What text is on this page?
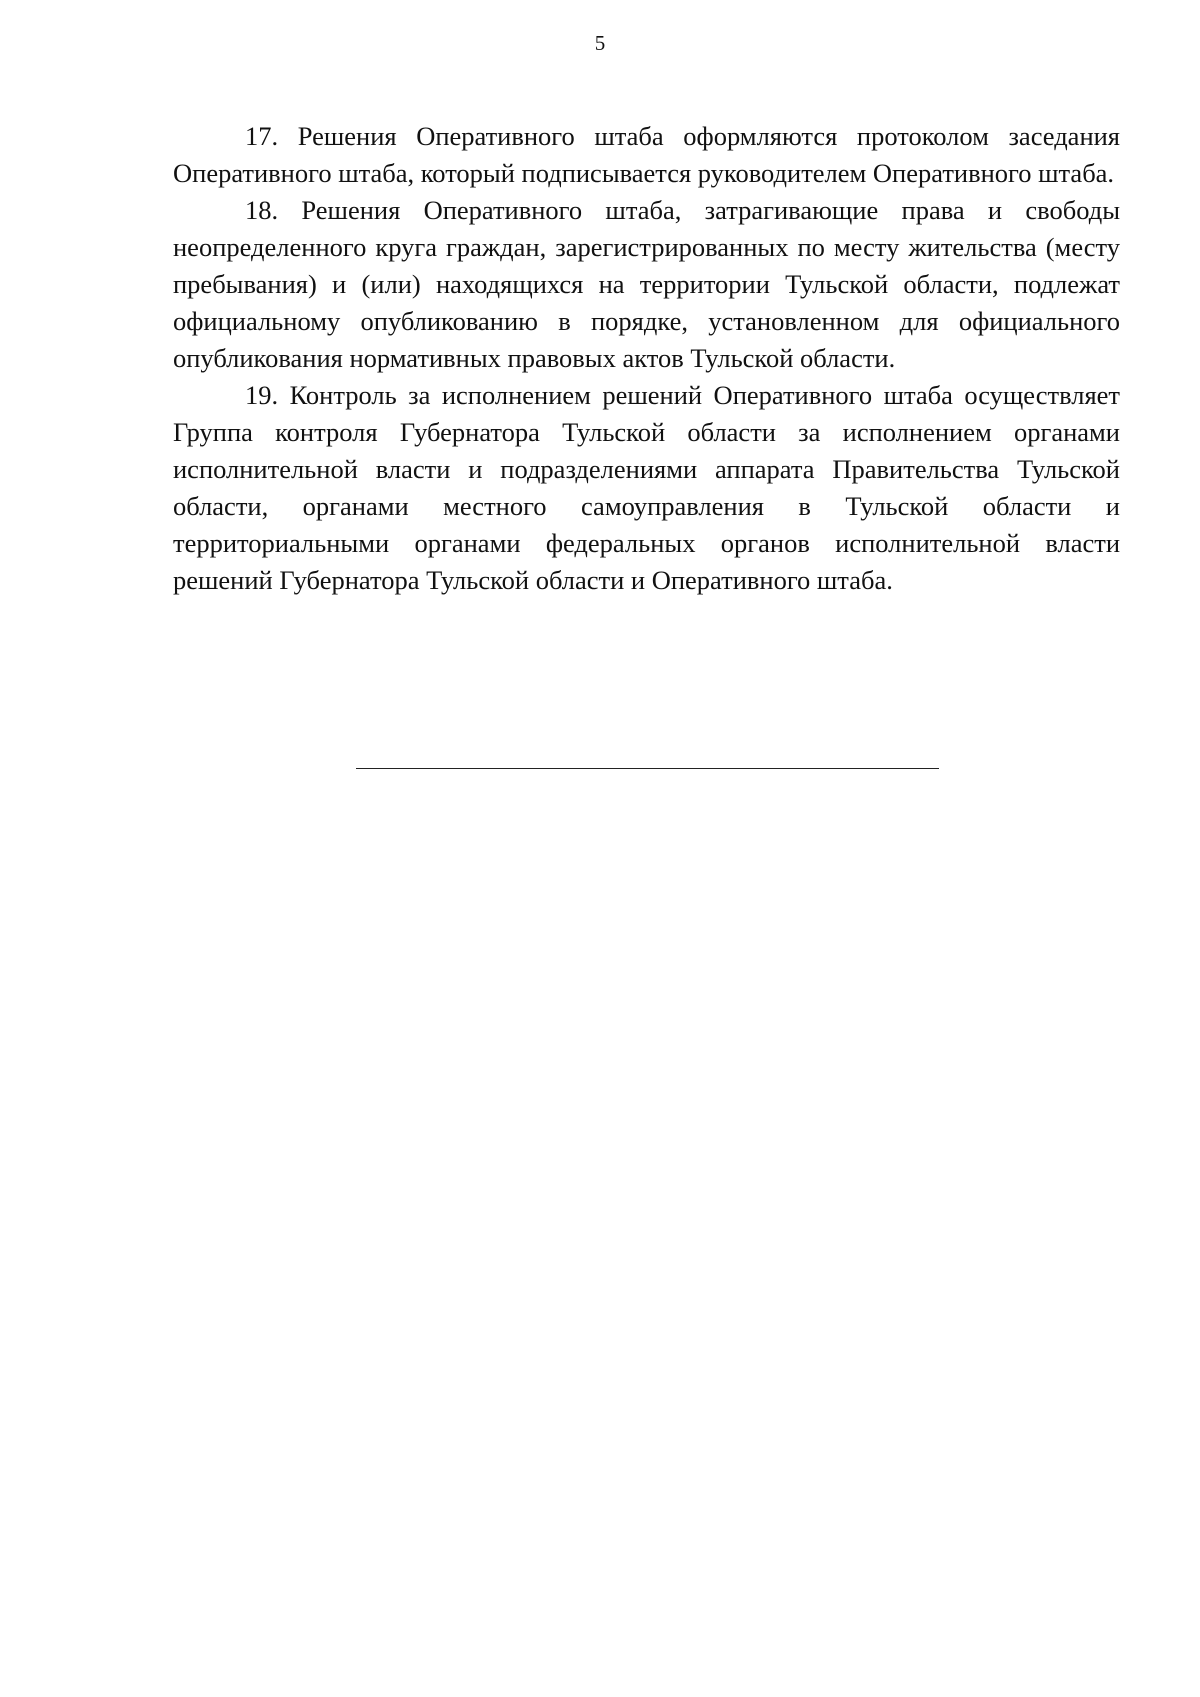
5

17. Решения Оперативного штаба оформляются протоколом заседания Оперативного штаба, который подписывается руководителем Оперативного штаба.

18. Решения Оперативного штаба, затрагивающие права и свободы неопределенного круга граждан, зарегистрированных по месту жительства (месту пребывания) и (или) находящихся на территории Тульской области, подлежат официальному опубликованию в порядке, установленном для официального опубликования нормативных правовых актов Тульской области.

19. Контроль за исполнением решений Оперативного штаба осуществляет Группа контроля Губернатора Тульской области за исполнением органами исполнительной власти и подразделениями аппарата Правительства Тульской области, органами местного самоуправления в Тульской области и территориальными органами федеральных органов исполнительной власти решений Губернатора Тульской области и Оперативного штаба.
